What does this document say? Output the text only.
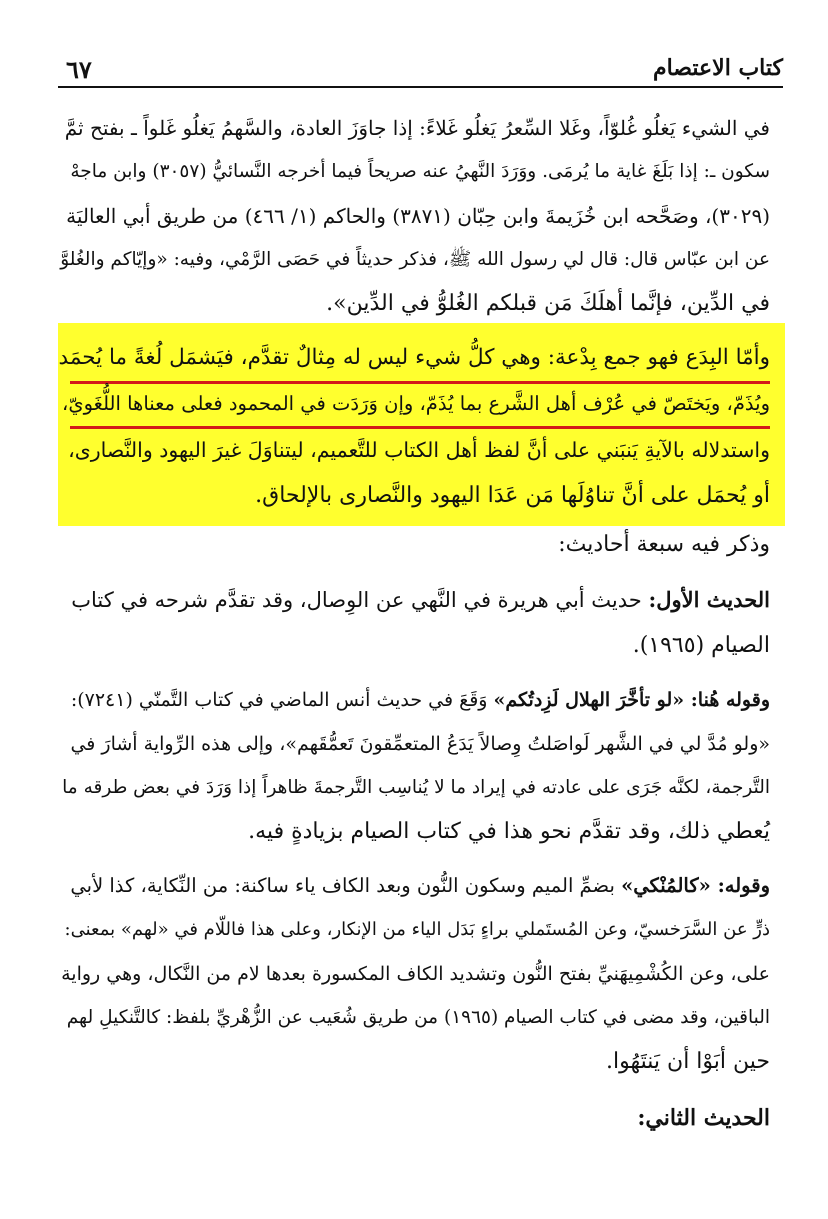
كتاب الاعتصام
٦٧
في الشيء يَغلُو غُلوّاً، وغَلا السِّعرُ يَغلُو غَلاءً: إذا جاوَزَ العادة، والسَّهمُ يَغلُو غَلواً ـ بفتح ثمَّ
سكون ـ: إذا بَلَغَ غاية ما يُرمَى. ووَرَدَ النَّهيُ عنه صريحاً فيما أخرجه النَّسائيُّ (٣٠٥٧) وابن ماجهْ
(٣٠٢٩)، وصَحَّحه ابن خُزَيمةَ وابن حِبّان (٣٨٧١) والحاكم (١/ ٤٦٦) من طريق أبي العاليَة
عن ابن عبّاس قال: قال لي رسول الله ﷺ، فذكر حديثاً في حَصَى الرَّمْي، وفيه: «وإيّاكم والغُلوَّ
في الدِّين، فإنَّما أهلَكَ مَن قبلكم الغُلوُّ في الدِّين».
وأمّا البِدَع فهو جمع بِدْعة: وهي كلُّ شيء ليس له مِثالٌ تقدَّم، فيَشمَل لُغةً ما يُحمَد
ويُذَمّ، ويَختَصّ في عُرْف أهل الشَّرع بما يُذَمّ، وإن وَرَدَت في المحمود فعلى معناها اللُّغَويّ،
واستدلاله بالآيةِ يَنبَني على أنَّ لفظ أهل الكتاب للتَّعميم، ليتناوَلَ غيرَ اليهود والنَّصارى،
أو يُحمَل على أنَّ تناوُلَها مَن عَدَا اليهود والنَّصارى بالإلحاق.
وذكر فيه سبعة أحاديث:
الحديث الأول: حديث أبي هريرة في النَّهي عن الوِصال، وقد تقدَّم شرحه في كتاب
الصيام (١٩٦٥).
وقوله هُنا: «لو تأخَّرَ الهلال لَزِدتُكم» وَقَعَ في حديث أنس الماضي في كتاب التَّمنّي (٧٢٤١):
«ولو مُدَّ لي في الشَّهر لَواصَلتُ وِصالاً يَدَعُ المتعمِّقونَ تَعمُّقَهم»، وإلى هذه الرِّواية أشارَ في
التَّرجمة، لكنَّه جَرَى على عادته في إيراد ما لا يُناسِب التَّرجمةَ ظاهراً إذا وَرَدَ في بعض طرقه ما
يُعطي ذلك، وقد تقدَّم نحو هذا في كتاب الصيام بزيادةٍ فيه.
وقوله: «كالمُنْكي» بضمِّ الميم وسكون النُّون وبعد الكاف ياء ساكنة: من النِّكاية، كذا لأبي
ذرٍّ عن السَّرَخسيّ، وعن المُستَملي براءٍ بَدَل الياء من الإنكار، وعلى هذا فاللّام في «لهم» بمعنى:
على، وعن الكُشْمِيهَنيِّ بفتح النُّون وتشديد الكاف المكسورة بعدها لام من النَّكال، وهي رواية
الباقين، وقد مضى في كتاب الصيام (١٩٦٥) من طريق شُعَيب عن الزُّهْريِّ بلفظ: كالتَّنكيلِ لهم
حين أبَوْا أن يَنتَهُوا.
الحديث الثاني:
